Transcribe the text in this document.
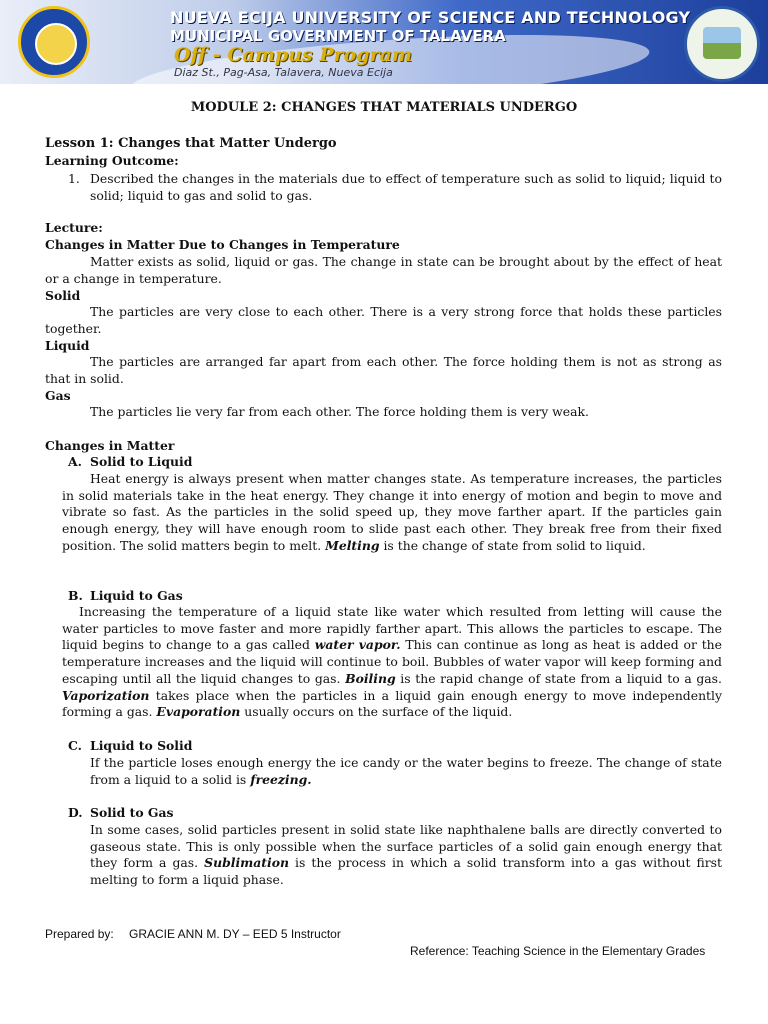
NUEVA ECIJA UNIVERSITY OF SCIENCE AND TECHNOLOGY
MUNICIPAL GOVERNMENT OF TALAVERA
Off - Campus Program
Diaz St., Pag-Asa, Talavera, Nueva Ecija
MODULE 2: CHANGES THAT MATERIALS UNDERGO
Lesson 1: Changes that Matter Undergo
Learning Outcome:
1. Described the changes in the materials due to effect of temperature such as solid to liquid; liquid to solid; liquid to gas and solid to gas.
Lecture:
Changes in Matter Due to Changes in Temperature
Matter exists as solid, liquid or gas. The change in state can be brought about by the effect of heat or a change in temperature.
Solid
The particles are very close to each other. There is a very strong force that holds these particles together.
Liquid
The particles are arranged far apart from each other. The force holding them is not as strong as that in solid.
Gas
The particles lie very far from each other. The force holding them is very weak.
Changes in Matter
A. Solid to Liquid
Heat energy is always present when matter changes state. As temperature increases, the particles in solid materials take in the heat energy. They change it into energy of motion and begin to move and vibrate so fast. As the particles in the solid speed up, they move farther apart. If the particles gain enough energy, they will have enough room to slide past each other. They break free from their fixed position. The solid matters begin to melt. Melting is the change of state from solid to liquid.
B. Liquid to Gas
Increasing the temperature of a liquid state like water which resulted from letting will cause the water particles to move faster and more rapidly farther apart. This allows the particles to escape. The liquid begins to change to a gas called water vapor. This can continue as long as heat is added or the temperature increases and the liquid will continue to boil. Bubbles of water vapor will keep forming and escaping until all the liquid changes to gas. Boiling is the rapid change of state from a liquid to a gas. Vaporization takes place when the particles in a liquid gain enough energy to move independently forming a gas. Evaporation usually occurs on the surface of the liquid.
C. Liquid to Solid
If the particle loses enough energy the ice candy or the water begins to freeze. The change of state from a liquid to a solid is freezing.
D. Solid to Gas
In some cases, solid particles present in solid state like naphthalene balls are directly converted to gaseous state. This is only possible when the surface particles of a solid gain enough energy that they form a gas. Sublimation is the process in which a solid transform into a gas without first melting to form a liquid phase.
Prepared by: GRACIE ANN M. DY – EED 5 Instructor
Reference: Teaching Science in the Elementary Grades
